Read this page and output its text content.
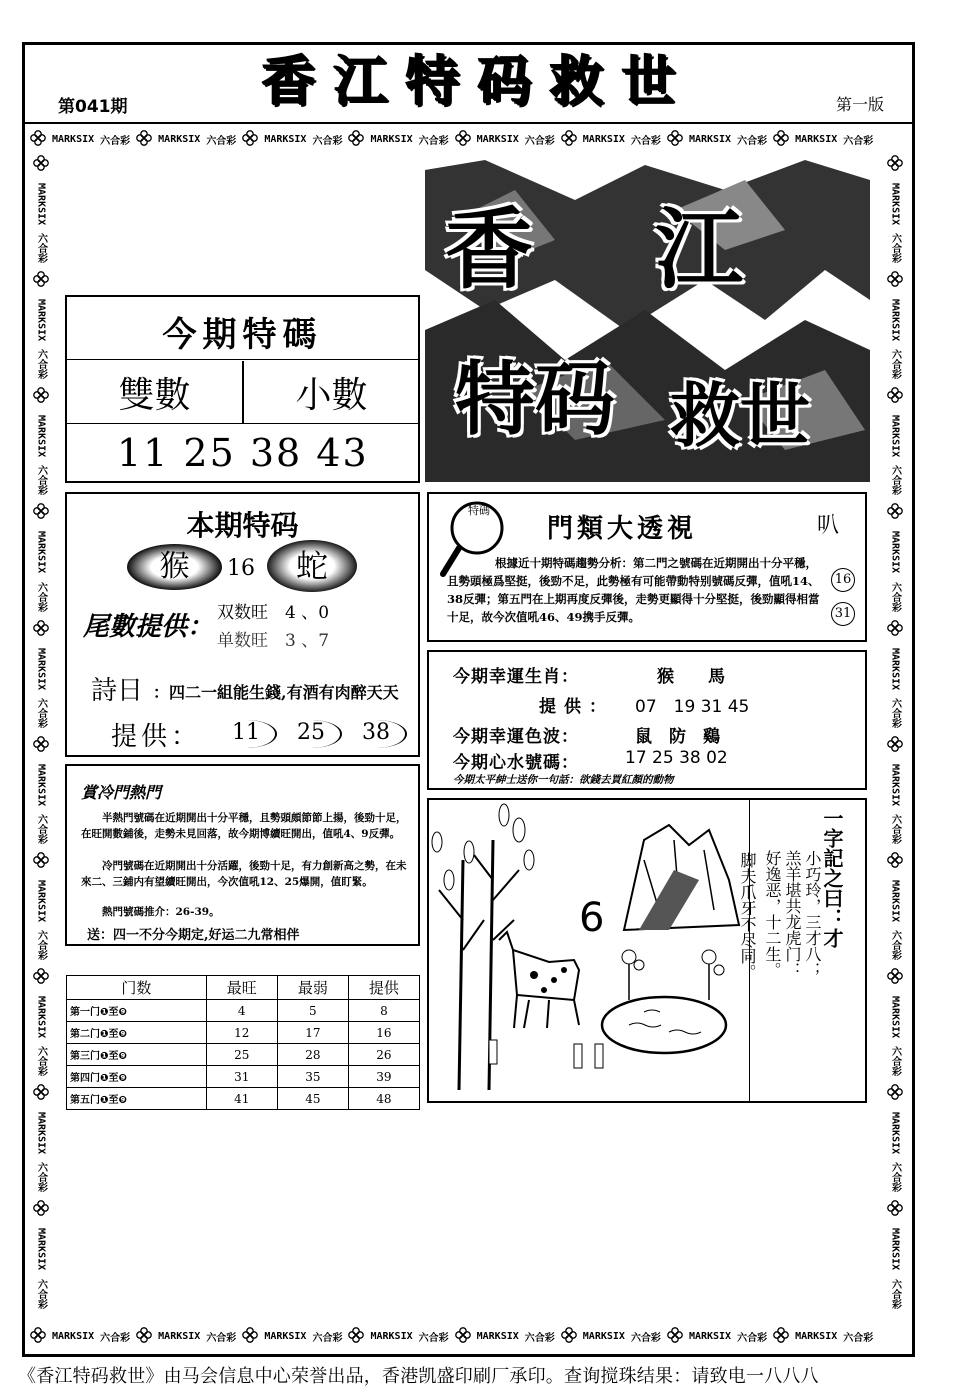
香江特码救世
第041期	第一版
MARKSIX 六合彩	MARKSIX 六合彩	MARKSIX 六合彩	MARKSIX 六合彩	MARKSIX 六合彩	MARKSIX 六合彩	MARKSIX 六合彩	MARKSIX 六合彩
MARKSIX 六合彩	MARKSIX 六合彩	MARKSIX 六合彩	MARKSIX 六合彩	MARKSIX 六合彩	MARKSIX 六合彩	MARKSIX 六合彩	MARKSIX 六合彩
MARKSIX
六合彩
MARKSIX
六合彩
MARKSIX
六合彩
MARKSIX
六合彩
MARKSIX
六合彩
MARKSIX
六合彩
MARKSIX
六合彩
MARKSIX
六合彩
MARKSIX
六合彩
MARKSIX
六合彩
MARKSIX
六合彩
MARKSIX
六合彩
MARKSIX
六合彩
MARKSIX
六合彩
MARKSIX
六合彩
MARKSIX
六合彩
MARKSIX
六合彩
MARKSIX
六合彩
MARKSIX
六合彩
MARKSIX
六合彩
香 江
特码 救世
今期特碼
雙數	小數
11 25 38 43
本期特码
猴	16	蛇
尾數提供： 双数旺　4 、0
单数旺　3 、7
詩日 ：四二一組能生錢,有酒有肉醉天天
提供：	11	25	38
特碼
門類大透視	叭
根據近十期特碼趨勢分析：第二門之號碼在近期開出十分平穩，且勢頭極爲堅挺，後勁不足，此勢極有可能帶動特别號碼反彈，值吼14、38反彈；第五門在上期再度反彈後，走勢更顯得十分堅挺，後勁顯得相當十足，故今次值吼46、49携手反彈。
16
31
今期幸運生肖：	猴　　馬
提供： 07　19 31 45
今期幸運色波：	鼠　防　鷄
今期心水號碼：	17 25 38 02
今期太平紳士送你一句話：欲錢去買紅顏的動物
賞冷門熱門
半熱門號碼在近期開出十分平穩，且勢頭頗節節上揚，後勁十足，在旺開數鋪後，走勢未見回落，故今期博續旺開出，值吼4、9反彈。
冷門號碼在近期開出十分活躍，後勁十足，有力創新高之勢，在未來二、三鋪内有望續旺開出，今次值吼12、25爆開，值盯緊。
熱門號碼推介：26-39。
送：四一不分今期定,好运二九常相伴
门数	最旺	最弱	提供
第一门❶至❾	4	5	8
第二门❶至❾	12	17	16
第三门❶至❾	25	28	26
第四门❶至❾	31	35	39
第五门❶至❾	41	45	48
6	一字記之曰：才
小巧玲，三才八；
羔羊堪共龙虎门：
好逸恶，十二生。
脚夫爪牙不尽同。
《香江特码救世》由马会信息中心荣誉出品，香港凯盛印刷厂承印。查询搅珠结果：请致电一八八八
